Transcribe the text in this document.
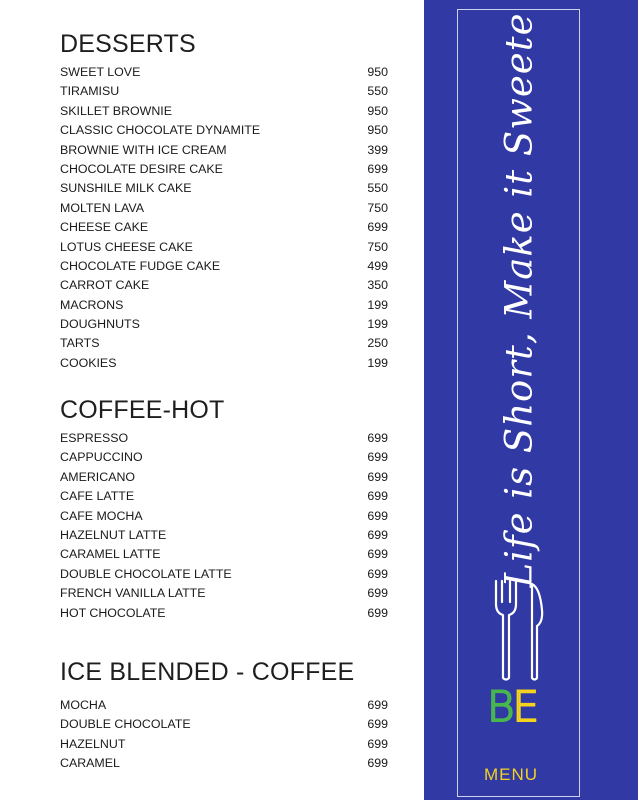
DESSERTS
SWEET LOVE	950
TIRAMISU	550
SKILLET BROWNIE	950
CLASSIC CHOCOLATE DYNAMITE	950
BROWNIE WITH ICE CREAM	399
CHOCOLATE DESIRE CAKE	699
SUNSHILE MILK CAKE	550
MOLTEN LAVA	750
CHEESE CAKE	699
LOTUS CHEESE CAKE	750
CHOCOLATE FUDGE CAKE	499
CARROT CAKE	350
MACRONS	199
DOUGHNUTS	199
TARTS	250
COOKIES	199
COFFEE-HOT
ESPRESSO	699
CAPPUCCINO	699
AMERICANO	699
CAFE LATTE	699
CAFE MOCHA	699
HAZELNUT LATTE	699
CARAMEL LATTE	699
DOUBLE CHOCOLATE LATTE	699
FRENCH VANILLA LATTE	699
HOT CHOCOLATE	699
ICE BLENDED - COFFEE
MOCHA	699
DOUBLE CHOCOLATE	699
HAZELNUT	699
CARAMEL	699
Life is Short, Make it Sweete
BE
MENU
